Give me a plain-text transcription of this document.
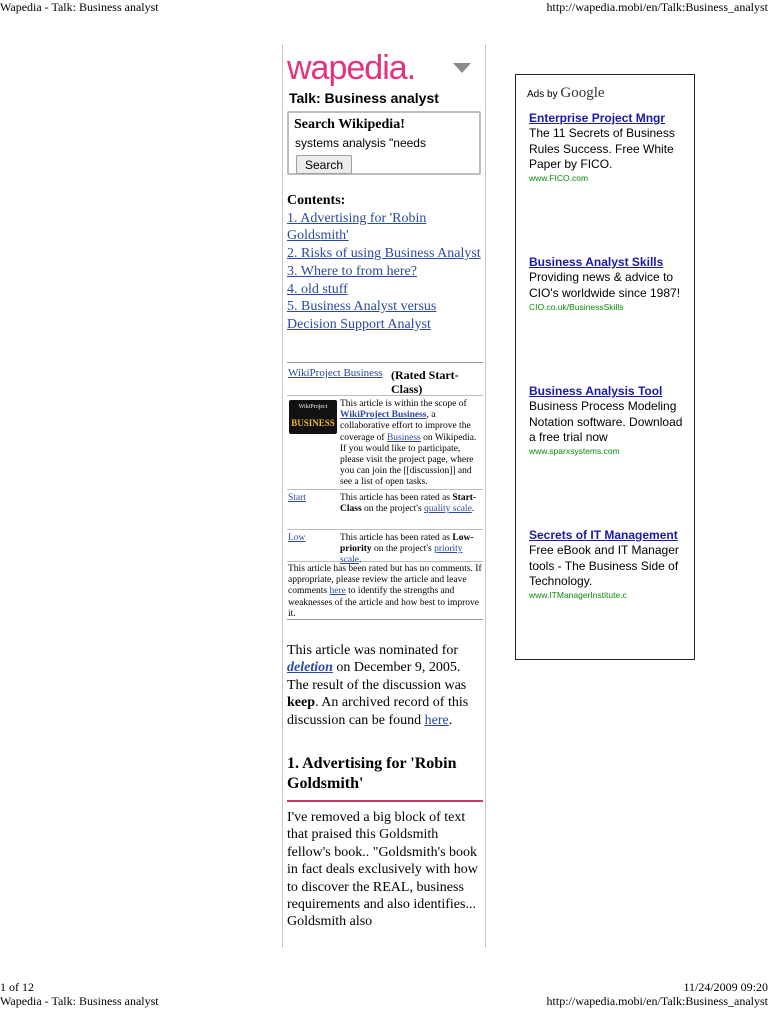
Wapedia - Talk: Business analyst	http://wapedia.mobi/en/Talk:Business_analyst
wapedia.
Talk: Business analyst
Search Wikipedia!
systems analysis "needs
Search
Contents:
1. Advertising for 'Robin Goldsmith'
2. Risks of using Business Analyst
3. Where to from here?
4. old stuff
5. Business Analyst versus Decision Support Analyst
WikiProject Business (Rated Start-Class)
WikiProject
BUSINESS
This article is within the scope of WikiProject Business, a collaborative effort to improve the coverage of Business on Wikipedia. If you would like to participate, please visit the project page, where you can join the [[discussion]] and see a list of open tasks.
Start	This article has been rated as Start-Class on the project's quality scale.
Low	This article has been rated as Low-priority on the project's priority scale.
This article has been rated but has no comments. If appropriate, please review the article and leave comments here to identify the strengths and weaknesses of the article and how best to improve it.
This article was nominated for deletion on December 9, 2005. The result of the discussion was keep. An archived record of this discussion can be found here.
1. Advertising for 'Robin Goldsmith'
I've removed a big block of text that praised this Goldsmith fellow's book.. "Goldsmith's book in fact deals exclusively with how to discover the REAL, business requirements and also identifies... Goldsmith also
Ads by Google
Enterprise Project Mngr
The 11 Secrets of Business Rules Success. Free White Paper by FICO.
www.FICO.com
Business Analyst Skills
Providing news & advice to CIO's worldwide since 1987!
CIO.co.uk/BusinessSkills
Business Analysis Tool
Business Process Modeling Notation software. Download a free trial now
www.sparxsystems.com
Secrets of IT Management
Free eBook and IT Manager tools - The Business Side of Technology.
www.ITManagerInstitute.c
1 of 12	11/24/2009 09:20
Wapedia - Talk: Business analyst	http://wapedia.mobi/en/Talk:Business_analyst
